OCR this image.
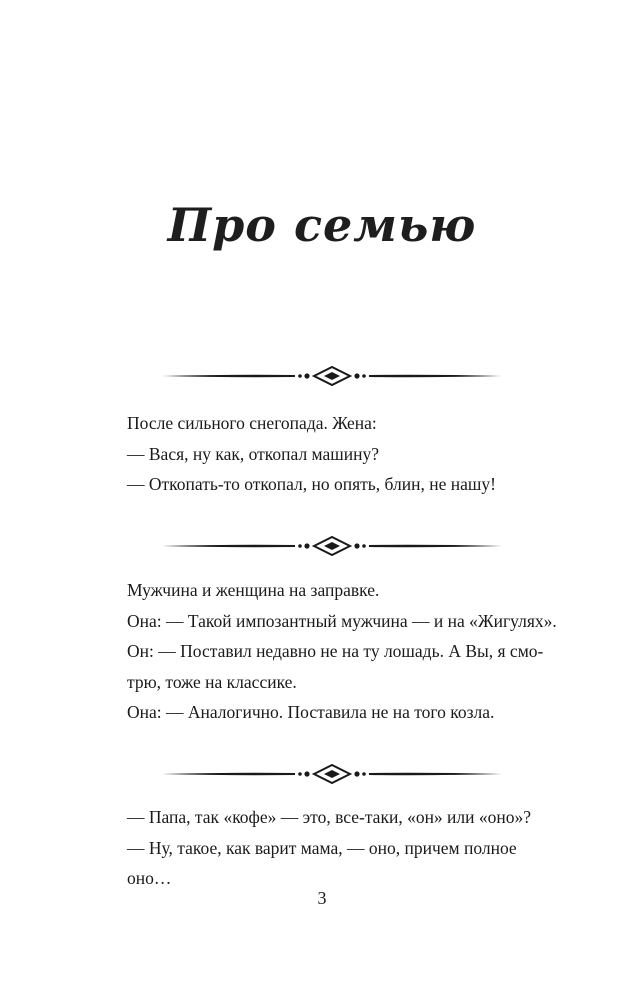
Про семью
После сильного снегопада. Жена:
— Вася, ну как, откопал машину?
— Откопать-то откопал, но опять, блин, не нашу!
Мужчина и женщина на заправке.
Она: — Такой импозантный мужчина — и на «Жигулях».
Он: — Поставил недавно не на ту лошадь. А Вы, я смо-
трю, тоже на классике.
Она: — Аналогично. Поставила не на того козла.
— Папа, так «кофе» — это, все-таки, «он» или «оно»?
— Ну, такое, как варит мама, — оно, причем полное
оно…
3
